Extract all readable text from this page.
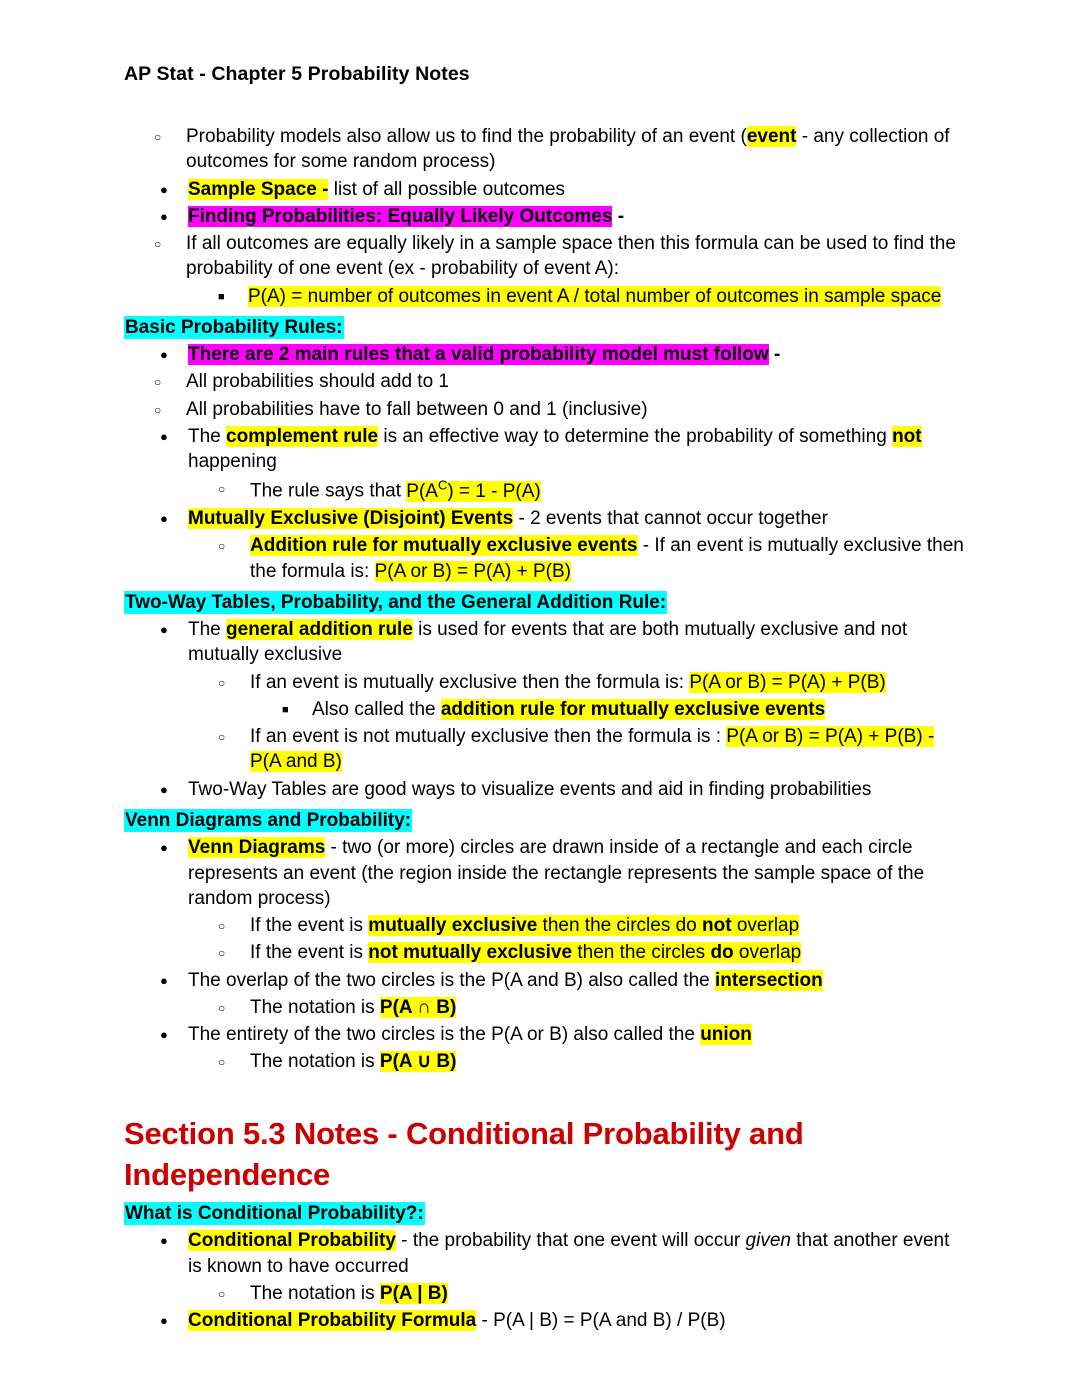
AP Stat - Chapter 5 Probability Notes
○ Probability models also allow us to find the probability of an event (event - any collection of outcomes for some random process)
● Sample Space - list of all possible outcomes
● Finding Probabilities: Equally Likely Outcomes -
○ If all outcomes are equally likely in a sample space then this formula can be used to find the probability of one event (ex - probability of event A):
■ P(A) = number of outcomes in event A / total number of outcomes in sample space
Basic Probability Rules:
● There are 2 main rules that a valid probability model must follow -
○ All probabilities should add to 1
○ All probabilities have to fall between 0 and 1 (inclusive)
● The complement rule is an effective way to determine the probability of something not happening
○ The rule says that $P(A^C) = 1 - P(A)$
● Mutually Exclusive (Disjoint) Events - 2 events that cannot occur together
○ Addition rule for mutually exclusive events - If an event is mutually exclusive then the formula is: P(A or B) = P(A) + P(B)
Two-Way Tables, Probability, and the General Addition Rule:
● The general addition rule is used for events that are both mutually exclusive and not mutually exclusive
○ If an event is mutually exclusive then the formula is: P(A or B) = P(A) + P(B)
■ Also called the addition rule for mutually exclusive events
○ If an event is not mutually exclusive then the formula is : P(A or B) = P(A) + P(B) - P(A and B)
● Two-Way Tables are good ways to visualize events and aid in finding probabilities
Venn Diagrams and Probability:
● Venn Diagrams - two (or more) circles are drawn inside of a rectangle and each circle represents an event (the region inside the rectangle represents the sample space of the random process)
○ If the event is mutually exclusive then the circles do not overlap
○ If the event is not mutually exclusive then the circles do overlap
● The overlap of the two circles is the P(A and B) also called the intersection
○ The notation is P(A ∩ B)
● The entirety of the two circles is the P(A or B) also called the union
○ The notation is P(A ∪ B)
Section 5.3 Notes - Conditional Probability and Independence
What is Conditional Probability?:
● Conditional Probability - the probability that one event will occur given that another event is known to have occurred
○ The notation is P(A | B)
● Conditional Probability Formula - P(A | B) = P(A and B) / P(B)
